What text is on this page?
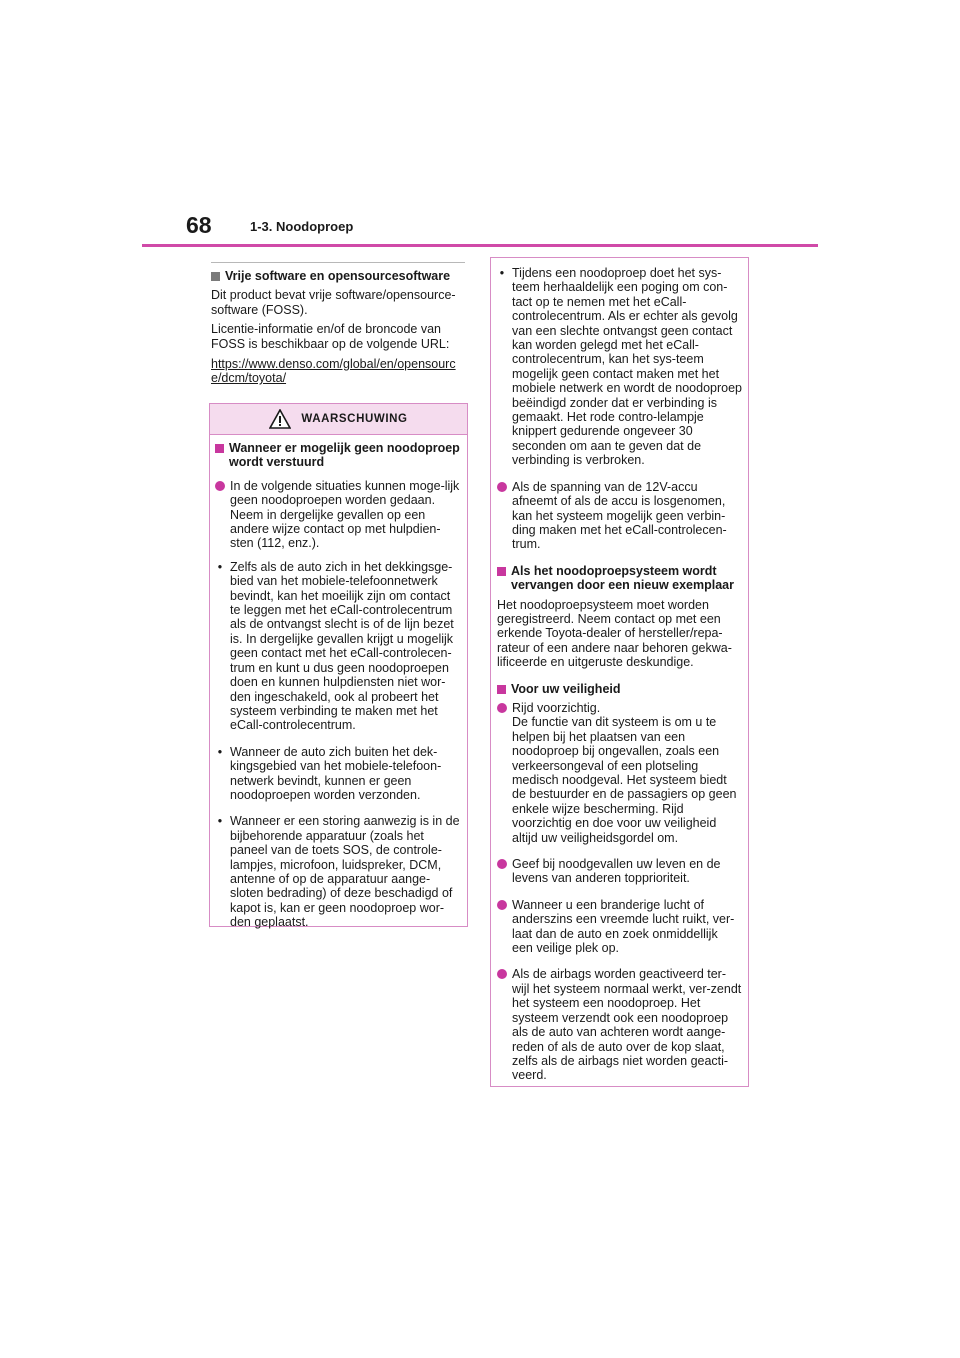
68	1-3. Noodoproep
Vrije software en opensourcesoftware

Dit product bevat vrije software/opensource-software (FOSS).

Licentie-informatie en/of de broncode van FOSS is beschikbaar op de volgende URL:

https://www.denso.com/global/en/opensource/dcm/toyota/

WAARSCHUWING
Wanneer er mogelijk geen noodoproep wordt verstuurd
In de volgende situaties kunnen moge-lijk geen noodoproepen worden gedaan. Neem in dergelijke gevallen op een andere wijze contact op met hulpdien-sten (112, enz.).
• Zelfs als de auto zich in het dekkingsge-bied van het mobiele-telefoonnetwerk bevindt, kan het moeilijk zijn om contact te leggen met het eCall-controlecentrum als de ontvangst slecht is of de lijn bezet is. In dergelijke gevallen krijgt u mogelijk geen contact met het eCall-controlecen-trum en kunt u dus geen noodoproepen doen en kunnen hulpdiensten niet wor-den ingeschakeld, ook al probeert het systeem verbinding te maken met het eCall-controlecentrum.
• Wanneer de auto zich buiten het dek-kingsgebied van het mobiele-telefoon-netwerk bevindt, kunnen er geen noodoproepen worden verzonden.
• Wanneer er een storing aanwezig is in de bijbehorende apparatuur (zoals het paneel van de toets SOS, de controle-lampjes, microfoon, luidspreker, DCM, antenne of op de apparatuur aange-sloten bedrading) of deze beschadigd of kapot is, kan er geen noodoproep wor-den geplaatst.
• Tijdens een noodoproep doet het sys-teem herhaaldelijk een poging om con-tact op te nemen met het eCall-controlecentrum. Als er echter als gevolg van een slechte ontvangst geen contact kan worden gelegd met het eCall-controlecentrum, kan het sys-teem mogelijk geen contact maken met het mobiele netwerk en wordt de noodoproep beëindigd zonder dat er verbinding is gemaakt. Het rode contro-lelampje knippert gedurende ongeveer 30 seconden om aan te geven dat de verbinding is verbroken.
Als de spanning van de 12V-accu afneemt of als de accu is losgenomen, kan het systeem mogelijk geen verbin-ding maken met het eCall-controlecen-trum.
Als het noodoproepsysteem wordt vervangen door een nieuw exemplaar

Het noodoproepsysteem moet worden geregistreerd. Neem contact op met een erkende Toyota-dealer of hersteller/repa-rateur of een andere naar behoren gekwa-lificeerde en uitgeruste deskundige.

Voor uw veiligheid
Rijd voorzichtig.
De functie van dit systeem is om u te helpen bij het plaatsen van een noodoproep bij ongevallen, zoals een verkeersongeval of een plotseling medisch noodgeval. Het systeem biedt de bestuurder en de passagiers op geen enkele wijze bescherming. Rijd voorzichtig en doe voor uw veiligheid altijd uw veiligheidsgordel om.
Geef bij noodgevallen uw leven en de levens van anderen topprioriteit.
Wanneer u een branderige lucht of anderszins een vreemde lucht ruikt, ver-laat dan de auto en zoek onmiddellijk een veilige plek op.
Als de airbags worden geactiveerd ter-wijl het systeem normaal werkt, ver-zendt het systeem een noodoproep. Het systeem verzendt ook een noodoproep als de auto van achteren wordt aange-reden of als de auto over de kop slaat, zelfs als de airbags niet worden geacti-veerd.
